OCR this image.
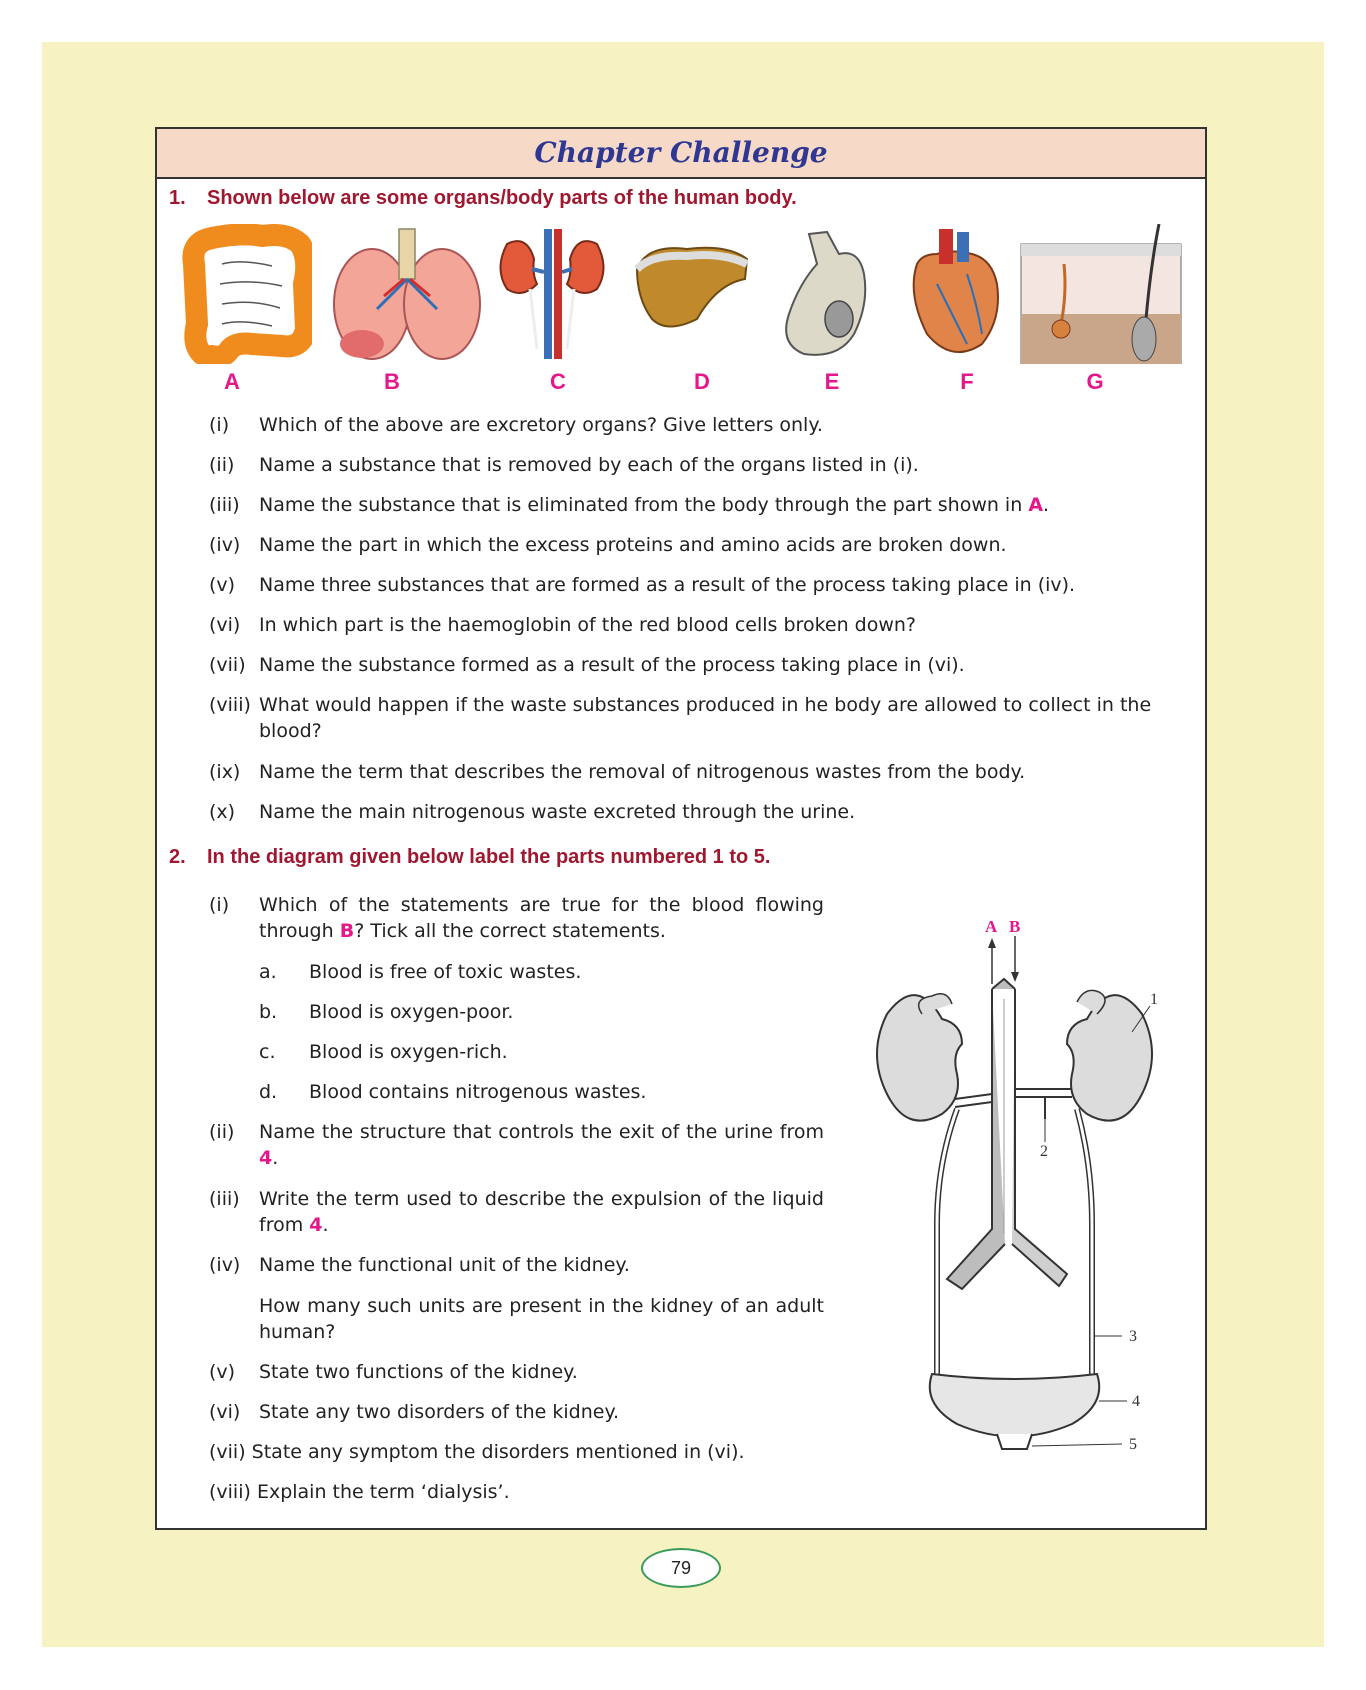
Chapter Challenge
1. Shown below are some organs/body parts of the human body.
A	B	C	D	E	F	G
(i) Which of the above are excretory organs? Give letters only.
(ii) Name a substance that is removed by each of the organs listed in (i).
(iii) Name the substance that is eliminated from the body through the part shown in A.
(iv) Name the part in which the excess proteins and amino acids are broken down.
(v) Name three substances that are formed as a result of the process taking place in (iv).
(vi) In which part is the haemoglobin of the red blood cells broken down?
(vii) Name the substance formed as a result of the process taking place in (vi).
(viii) What would happen if the waste substances produced in he body are allowed to collect in the blood?
(ix) Name the term that describes the removal of nitrogenous wastes from the body.
(x) Name the main nitrogenous waste excreted through the urine.
2. In the diagram given below label the parts numbered 1 to 5.
(i) Which of the statements are true for the blood flowing through B? Tick all the correct statements.
a. Blood is free of toxic wastes.
b. Blood is oxygen-poor.
c. Blood is oxygen-rich.
d. Blood contains nitrogenous wastes.
(ii) Name the structure that controls the exit of the urine from 4.
(iii) Write the term used to describe the expulsion of the liquid from 4.
(iv) Name the functional unit of the kidney.
How many such units are present in the kidney of an adult human?
(v) State two functions of the kidney.
(vi) State any two disorders of the kidney.
(vii) State any symptom the disorders mentioned in (vi).
(viii) Explain the term ‘dialysis’.
A B
1
2
3
4
5
79
